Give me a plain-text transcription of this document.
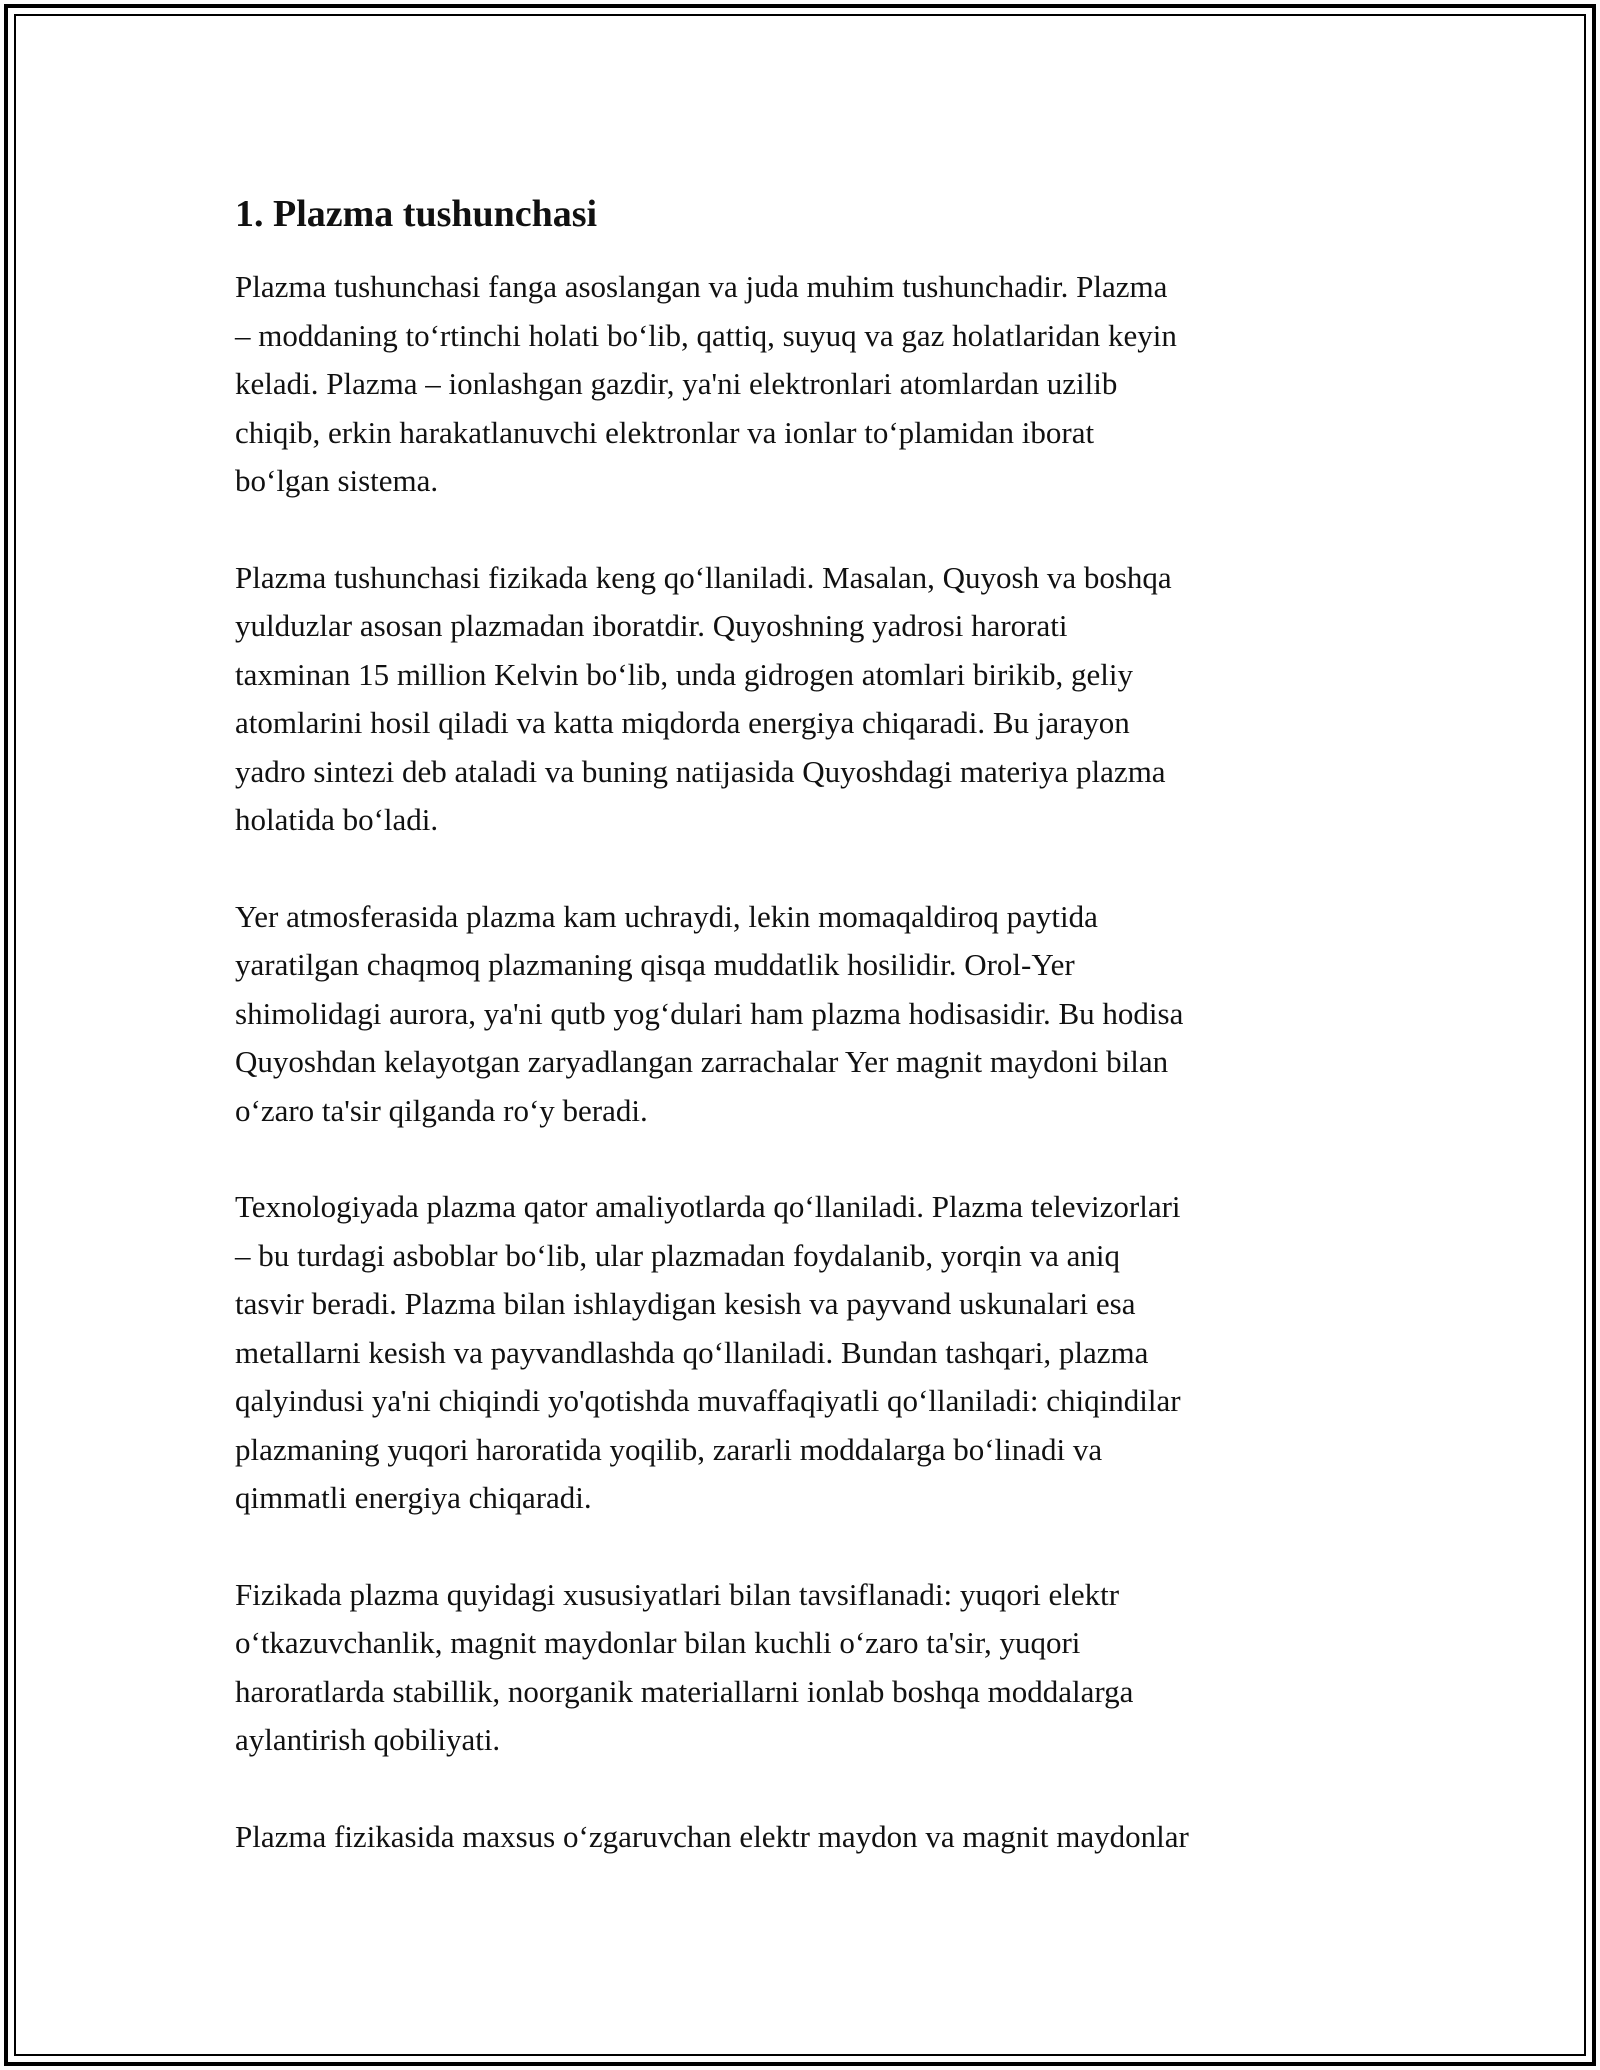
1. Plazma tushunchasi
Plazma tushunchasi fanga asoslangan va juda muhim tushunchadir. Plazma
– moddaning to‘rtinchi holati bo‘lib, qattiq, suyuq va gaz holatlaridan keyin
keladi. Plazma – ionlashgan gazdir, ya'ni elektronlari atomlardan uzilib
chiqib, erkin harakatlanuvchi elektronlar va ionlar to‘plamidan iborat
bo‘lgan sistema.
Plazma tushunchasi fizikada keng qo‘llaniladi. Masalan, Quyosh va boshqa
yulduzlar asosan plazmadan iboratdir. Quyoshning yadrosi harorati
taxminan 15 million Kelvin bo‘lib, unda gidrogen atomlari birikib, geliy
atomlarini hosil qiladi va katta miqdorda energiya chiqaradi. Bu jarayon
yadro sintezi deb ataladi va buning natijasida Quyoshdagi materiya plazma
holatida bo‘ladi.
Yer atmosferasida plazma kam uchraydi, lekin momaqaldiroq paytida
yaratilgan chaqmoq plazmaning qisqa muddatlik hosilidir. Orol-Yer
shimolidagi aurora, ya'ni qutb yog‘dulari ham plazma hodisasidir. Bu hodisa
Quyoshdan kelayotgan zaryadlangan zarrachalar Yer magnit maydoni bilan
o‘zaro ta'sir qilganda ro‘y beradi.
Texnologiyada plazma qator amaliyotlarda qo‘llaniladi. Plazma televizorlari
– bu turdagi asboblar bo‘lib, ular plazmadan foydalanib, yorqin va aniq
tasvir beradi. Plazma bilan ishlaydigan kesish va payvand uskunalari esa
metallarni kesish va payvandlashda qo‘llaniladi. Bundan tashqari, plazma
qalyindusi ya'ni chiqindi yo'qotishda muvaffaqiyatli qo‘llaniladi: chiqindilar
plazmaning yuqori haroratida yoqilib, zararli moddalarga bo‘linadi va
qimmatli energiya chiqaradi.
Fizikada plazma quyidagi xususiyatlari bilan tavsiflanadi: yuqori elektr
o‘tkazuvchanlik, magnit maydonlar bilan kuchli o‘zaro ta'sir, yuqori
haroratlarda stabillik, noorganik materiallarni ionlab boshqa moddalarga
aylantirish qobiliyati.
Plazma fizikasida maxsus o‘zgaruvchan elektr maydon va magnit maydonlar
